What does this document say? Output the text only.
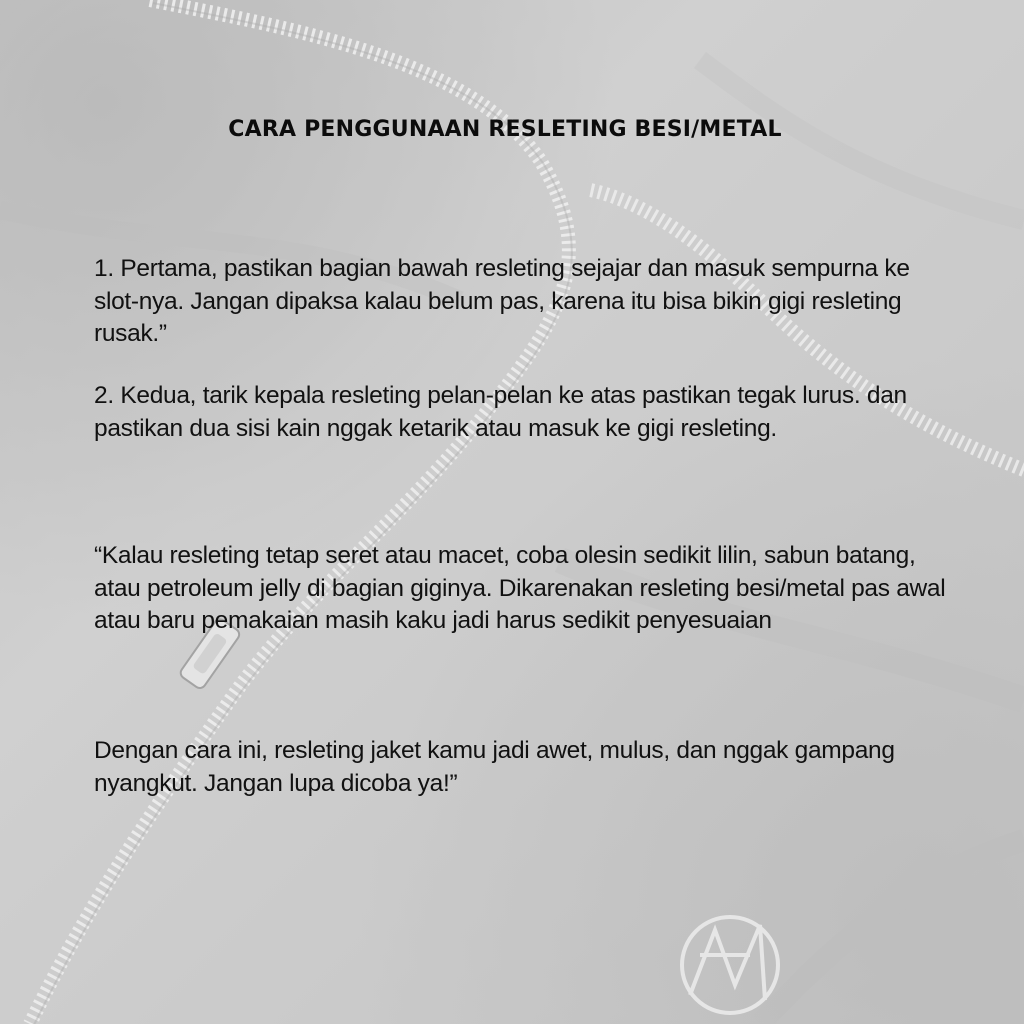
CARA PENGGUNAAN RESLETING BESI/METAL

1. Pertama, pastikan bagian bawah resleting sejajar dan masuk sempurna ke slot-nya. Jangan dipaksa kalau belum pas, karena itu bisa bikin gigi resleting rusak.”

2. Kedua, tarik kepala resleting pelan-pelan ke atas pastikan tegak lurus. dan pastikan dua sisi kain nggak ketarik atau masuk ke gigi resleting.

“Kalau resleting tetap seret atau macet, coba olesin sedikit lilin, sabun batang, atau petroleum jelly di bagian giginya. Dikarenakan resleting besi/metal pas awal atau baru pemakaian masih kaku jadi harus sedikit penyesuaian

Dengan cara ini, resleting jaket kamu jadi awet, mulus, dan nggak gampang nyangkut. Jangan lupa dicoba ya!”
